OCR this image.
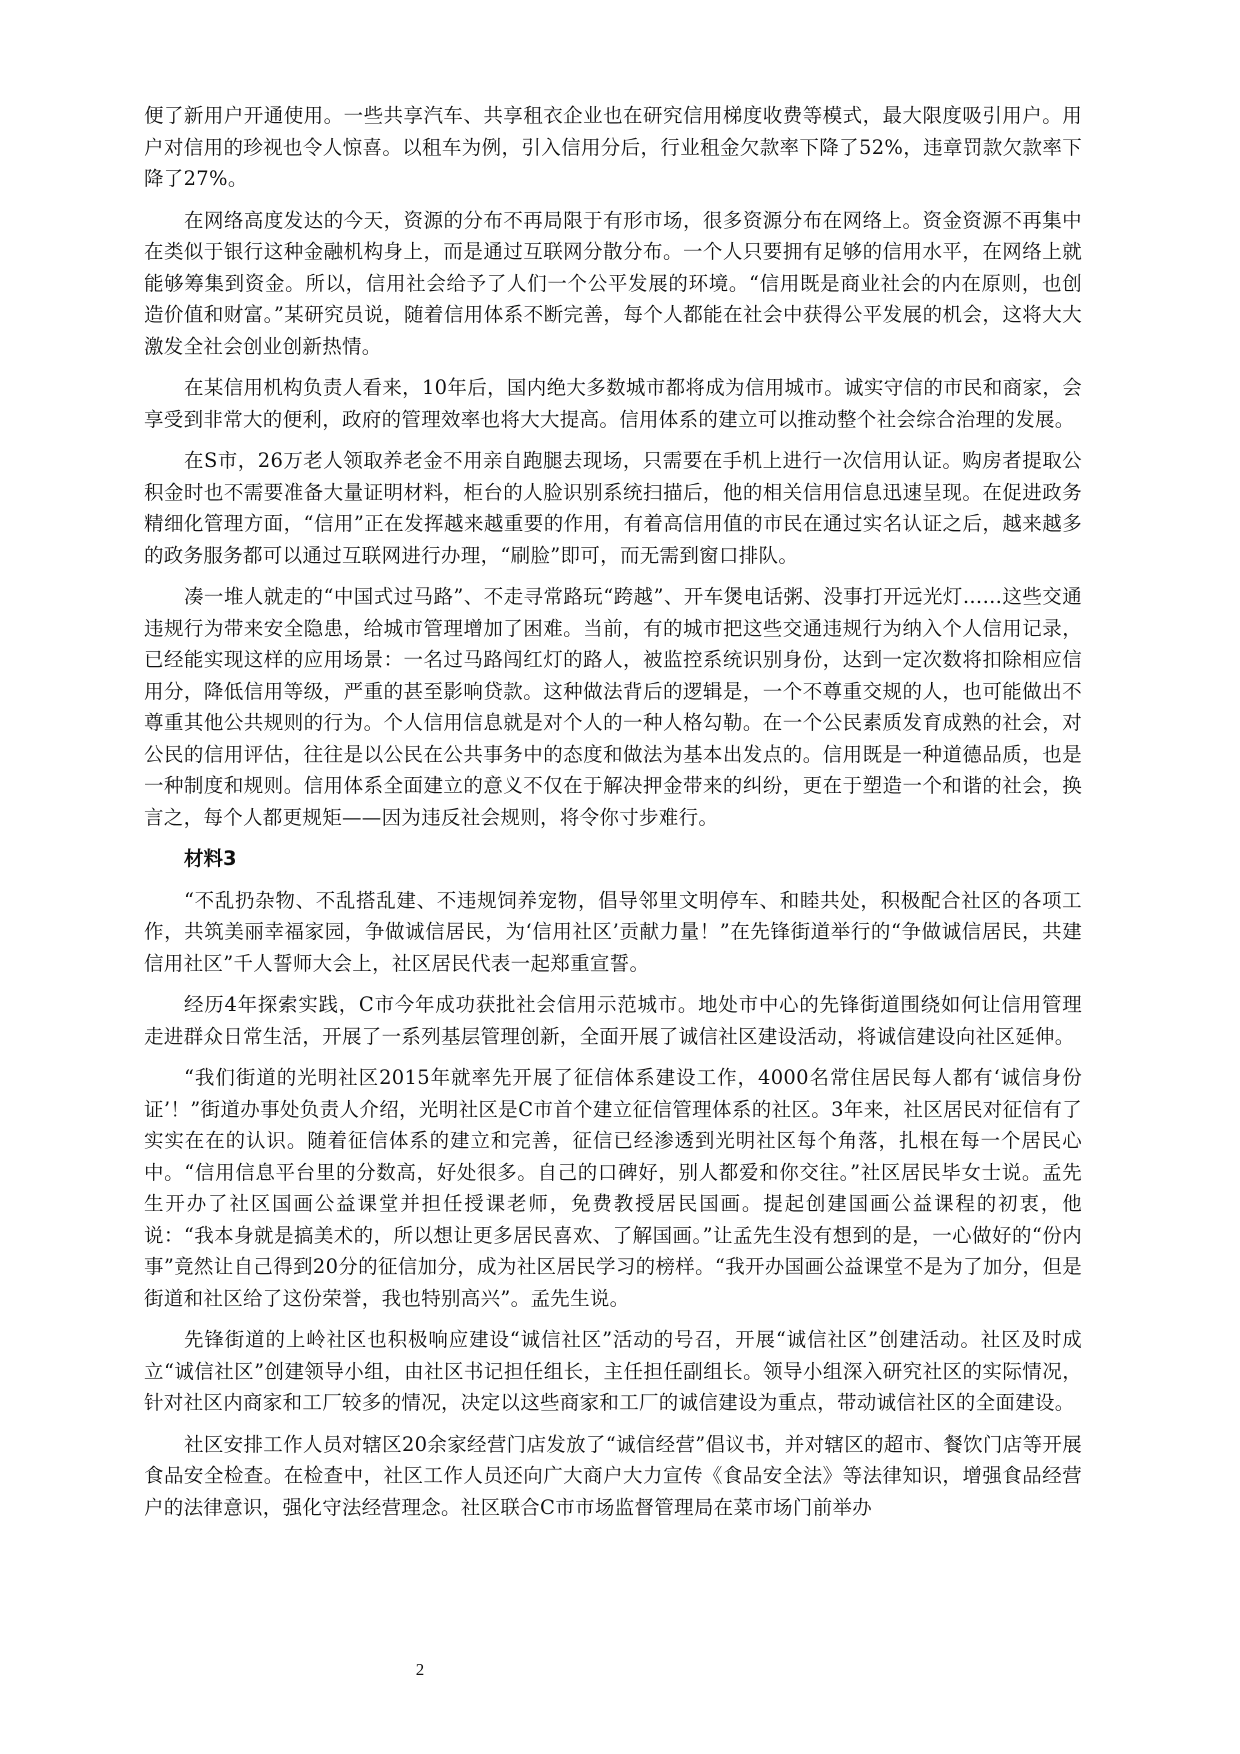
便了新用户开通使用。一些共享汽车、共享租衣企业也在研究信用梯度收费等模式，最大限度吸引用户。用户对信用的珍视也令人惊喜。以租车为例，引入信用分后，行业租金欠款率下降了52%，违章罚款欠款率下降了27%。

在网络高度发达的今天，资源的分布不再局限于有形市场，很多资源分布在网络上。资金资源不再集中在类似于银行这种金融机构身上，而是通过互联网分散分布。一个人只要拥有足够的信用水平，在网络上就能够筹集到资金。所以，信用社会给予了人们一个公平发展的环境。“信用既是商业社会的内在原则，也创造价值和财富。”某研究员说，随着信用体系不断完善，每个人都能在社会中获得公平发展的机会，这将大大激发全社会创业创新热情。

在某信用机构负责人看来，10年后，国内绝大多数城市都将成为信用城市。诚实守信的市民和商家，会享受到非常大的便利，政府的管理效率也将大大提高。信用体系的建立可以推动整个社会综合治理的发展。

在S市，26万老人领取养老金不用亲自跑腿去现场，只需要在手机上进行一次信用认证。购房者提取公积金时也不需要准备大量证明材料，柜台的人脸识别系统扫描后，他的相关信用信息迅速呈现。在促进政务精细化管理方面，“信用”正在发挥越来越重要的作用，有着高信用值的市民在通过实名认证之后，越来越多的政务服务都可以通过互联网进行办理，“刷脸”即可，而无需到窗口排队。

凑一堆人就走的“中国式过马路”、不走寻常路玩“跨越”、开车煲电话粥、没事打开远光灯……这些交通违规行为带来安全隐患，给城市管理增加了困难。当前，有的城市把这些交通违规行为纳入个人信用记录，已经能实现这样的应用场景：一名过马路闯红灯的路人，被监控系统识别身份，达到一定次数将扣除相应信用分，降低信用等级，严重的甚至影响贷款。这种做法背后的逻辑是，一个不尊重交规的人，也可能做出不尊重其他公共规则的行为。个人信用信息就是对个人的一种人格勾勒。在一个公民素质发育成熟的社会，对公民的信用评估，往往是以公民在公共事务中的态度和做法为基本出发点的。信用既是一种道德品质，也是一种制度和规则。信用体系全面建立的意义不仅在于解决押金带来的纠纷，更在于塑造一个和谐的社会，换言之，每个人都更规矩——因为违反社会规则，将令你寸步难行。

材料3

“不乱扔杂物、不乱搭乱建、不违规饲养宠物，倡导邻里文明停车、和睦共处，积极配合社区的各项工作，共筑美丽幸福家园，争做诚信居民，为‘信用社区’贡献力量！”在先锋街道举行的“争做诚信居民，共建信用社区”千人誓师大会上，社区居民代表一起郑重宣誓。

经历4年探索实践，C市今年成功获批社会信用示范城市。地处市中心的先锋街道围绕如何让信用管理走进群众日常生活，开展了一系列基层管理创新，全面开展了诚信社区建设活动，将诚信建设向社区延伸。

“我们街道的光明社区2015年就率先开展了征信体系建设工作，4000名常住居民每人都有‘诚信身份证’！”街道办事处负责人介绍，光明社区是C市首个建立征信管理体系的社区。3年来，社区居民对征信有了实实在在的认识。随着征信体系的建立和完善，征信已经渗透到光明社区每个角落，扎根在每一个居民心中。“信用信息平台里的分数高，好处很多。自己的口碑好，别人都爱和你交往。”社区居民毕女士说。孟先生开办了社区国画公益课堂并担任授课老师，免费教授居民国画。提起创建国画公益课程的初衷，他说：“我本身就是搞美术的，所以想让更多居民喜欢、了解国画。”让孟先生没有想到的是，一心做好的“份内事”竟然让自己得到20分的征信加分，成为社区居民学习的榜样。“我开办国画公益课堂不是为了加分，但是街道和社区给了这份荣誉，我也特别高兴”。孟先生说。

先锋街道的上岭社区也积极响应建设“诚信社区”活动的号召，开展“诚信社区”创建活动。社区及时成立“诚信社区”创建领导小组，由社区书记担任组长，主任担任副组长。领导小组深入研究社区的实际情况，针对社区内商家和工厂较多的情况，决定以这些商家和工厂的诚信建设为重点，带动诚信社区的全面建设。

社区安排工作人员对辖区20余家经营门店发放了“诚信经营”倡议书，并对辖区的超市、餐饮门店等开展食品安全检查。在检查中，社区工作人员还向广大商户大力宣传《食品安全法》等法律知识，增强食品经营户的法律意识，强化守法经营理念。社区联合C市市场监督管理局在菜市场门前举办

2
